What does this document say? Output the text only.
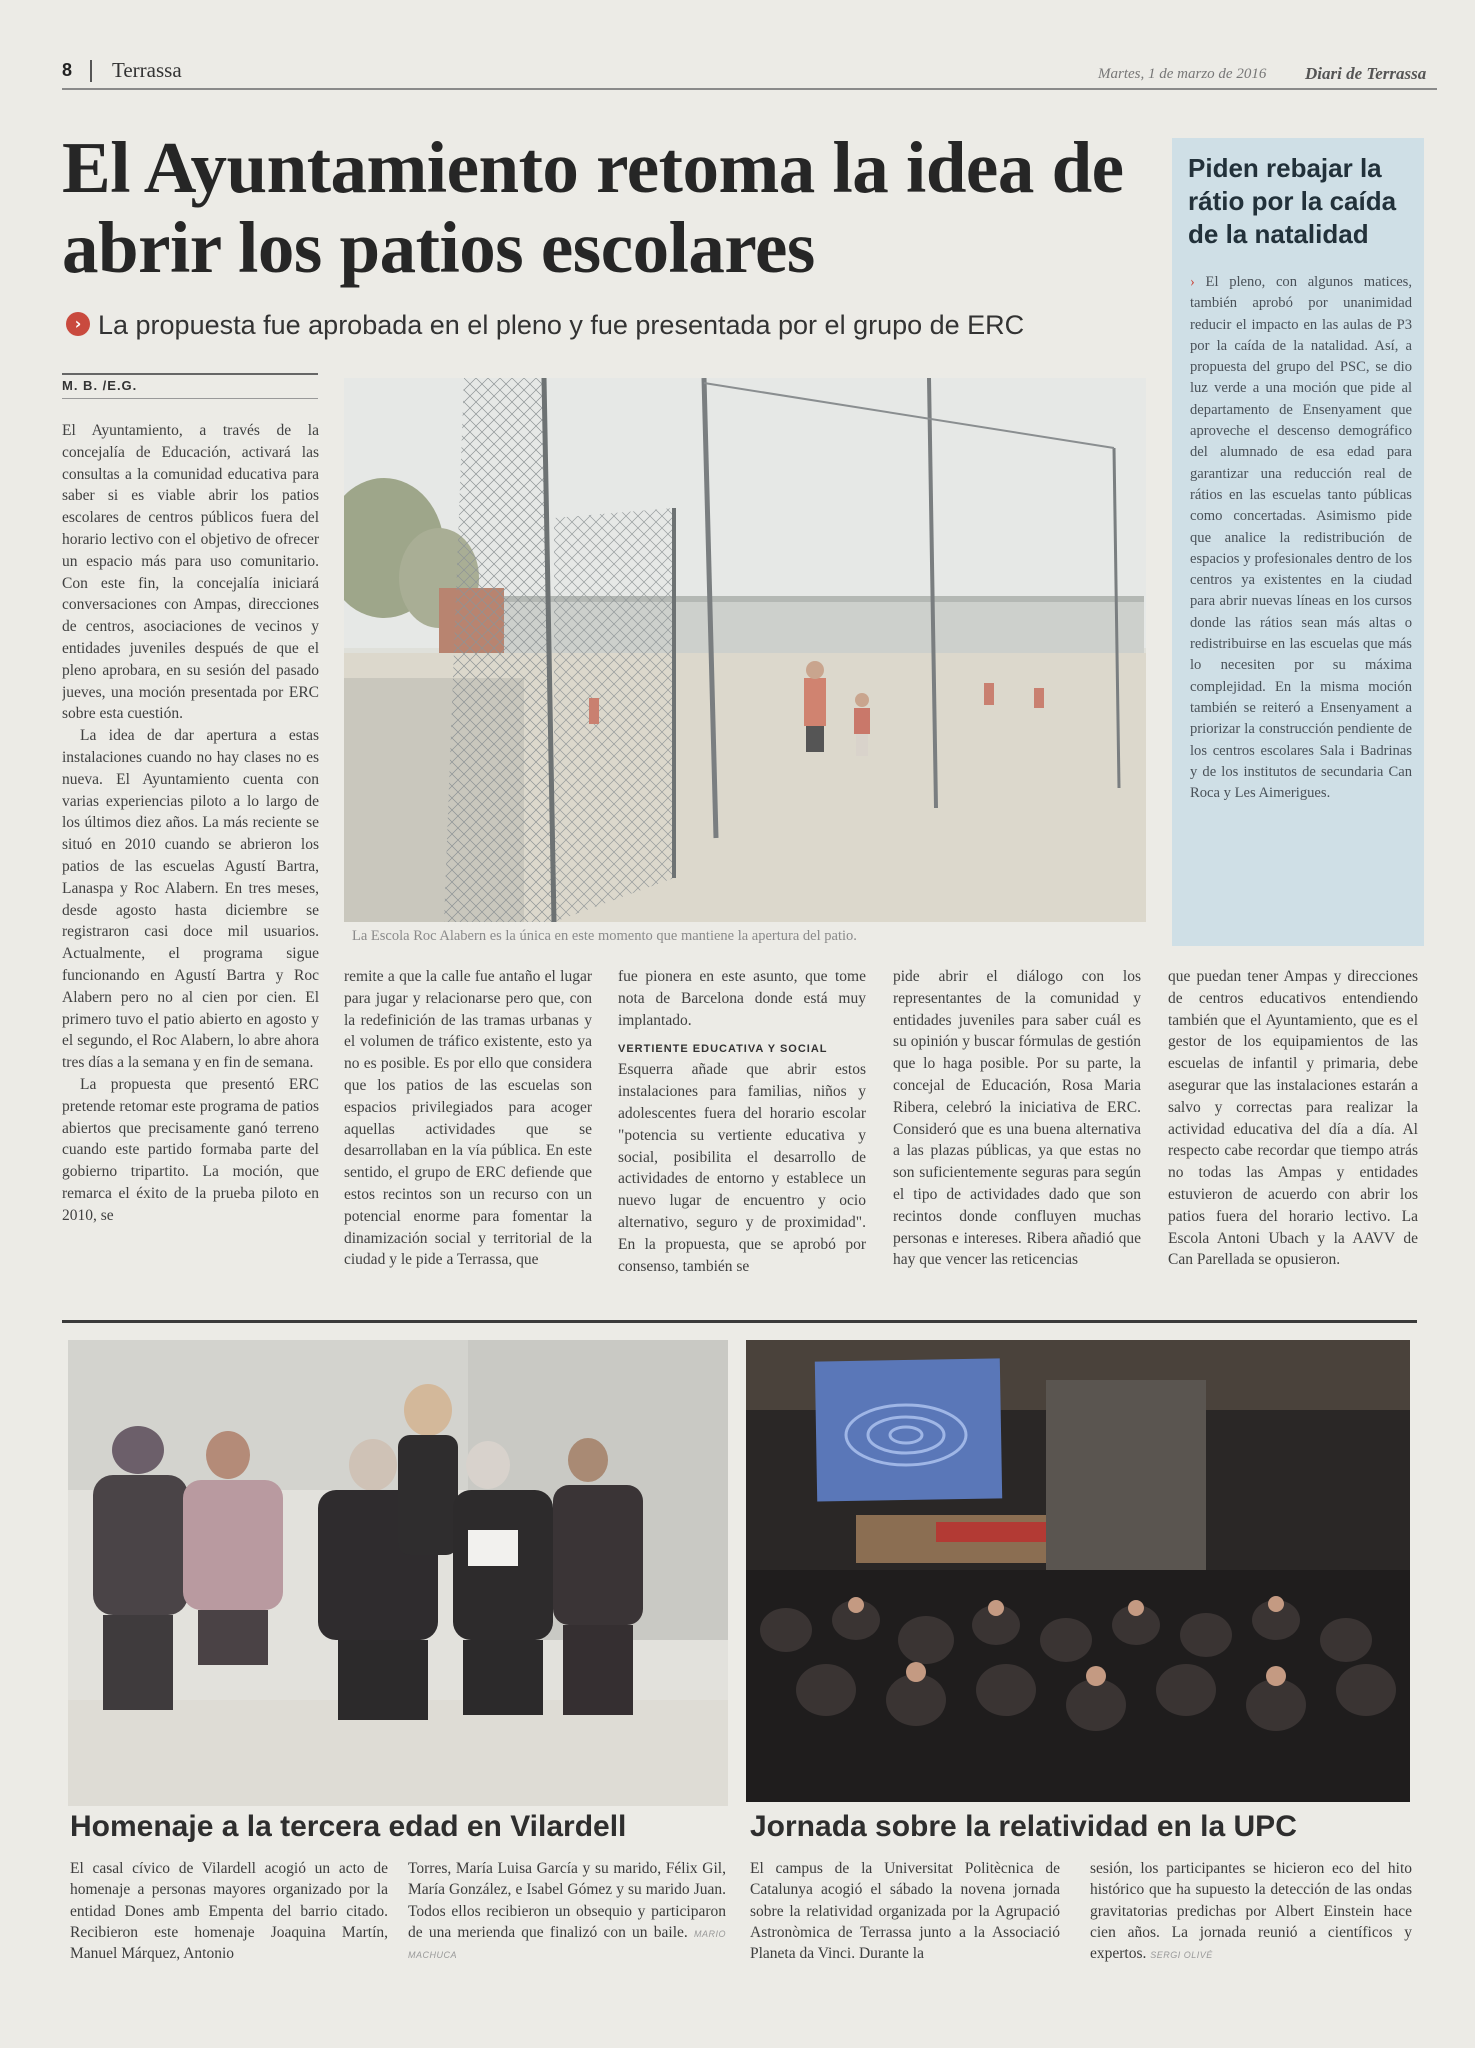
8 Terrassa	Martes, 1 de marzo de 2016 Diari de Terrassa
El Ayuntamiento retoma la idea de abrir los patios escolares
› La propuesta fue aprobada en el pleno y fue presentada por el grupo de ERC
Piden rebajar la rátio por la caída de la natalidad
› El pleno, con algunos matices, también aprobó por unanimidad reducir el impacto en las aulas de P3 por la caída de la natalidad. Así, a propuesta del grupo del PSC, se dio luz verde a una moción que pide al departamento de Ensenyament que aproveche el descenso demográfico del alumnado de esa edad para garantizar una reducción real de rátios en las escuelas tanto públicas como concertadas. Asimismo pide que analice la redistribución de espacios y profesionales dentro de los centros ya existentes en la ciudad para abrir nuevas líneas en los cursos donde las rátios sean más altas o redistribuirse en las escuelas que más lo necesiten por su máxima complejidad. En la misma moción también se reiteró a Ensenyament a priorizar la construcción pendiente de los centros escolares Sala i Badrinas y de los institutos de secundaria Can Roca y Les Aimerigues.
M. B. /E.G.

El Ayuntamiento, a través de la concejalía de Educación, activará las consultas a la comunidad educativa para saber si es viable abrir los patios escolares de centros públicos fuera del horario lectivo con el objetivo de ofrecer un espacio más para uso comunitario. Con este fin, la concejalía iniciará conversaciones con Ampas, direcciones de centros, asociaciones de vecinos y entidades juveniles después de que el pleno aprobara, en su sesión del pasado jueves, una moción presentada por ERC sobre esta cuestión.

La idea de dar apertura a estas instalaciones cuando no hay clases no es nueva. El Ayuntamiento cuenta con varias experiencias piloto a lo largo de los últimos diez años. La más reciente se situó en 2010 cuando se abrieron los patios de las escuelas Agustí Bartra, Lanaspa y Roc Alabern. En tres meses, desde agosto hasta diciembre se registraron casi doce mil usuarios. Actualmente, el programa sigue funcionando en Agustí Bartra y Roc Alabern pero no al cien por cien. El primero tuvo el patio abierto en agosto y el segundo, el Roc Alabern, lo abre ahora tres días a la semana y en fin de semana.

La propuesta que presentó ERC pretende retomar este programa de patios abiertos que precisamente ganó terreno cuando este partido formaba parte del gobierno tripartito. La moción, que remarca el éxito de la prueba piloto en 2010, se

La Escola Roc Alabern es la única en este momento que mantiene la apertura del patio.

remite a que la calle fue antaño el lugar para jugar y relacionarse pero que, con la redefinición de las tramas urbanas y el volumen de tráfico existente, esto ya no es posible. Es por ello que considera que los patios de las escuelas son espacios privilegiados para acoger aquellas actividades que se desarrollaban en la vía pública. En este sentido, el grupo de ERC defiende que estos recintos son un recurso con un potencial enorme para fomentar la dinamización social y territorial de la ciudad y le pide a Terrassa, que

fue pionera en este asunto, que tome nota de Barcelona donde está muy implantado.

VERTIENTE EDUCATIVA Y SOCIAL

Esquerra añade que abrir estos instalaciones para familias, niños y adolescentes fuera del horario escolar "potencia su vertiente educativa y social, posibilita el desarrollo de actividades de entorno y establece un nuevo lugar de encuentro y ocio alternativo, seguro y de proximidad". En la propuesta, que se aprobó por consenso, también se

pide abrir el diálogo con los representantes de la comunidad y entidades juveniles para saber cuál es su opinión y buscar fórmulas de gestión que lo haga posible. Por su parte, la concejal de Educación, Rosa Maria Ribera, celebró la iniciativa de ERC. Consideró que es una buena alternativa a las plazas públicas, ya que estas no son suficientemente seguras para según el tipo de actividades dado que son recintos donde confluyen muchas personas e intereses. Ribera añadió que hay que vencer las reticencias

que puedan tener Ampas y direcciones de centros educativos entendiendo también que el Ayuntamiento, que es el gestor de los equipamientos de las escuelas de infantil y primaria, debe asegurar que las instalaciones estarán a salvo y correctas para realizar la actividad educativa del día a día. Al respecto cabe recordar que tiempo atrás no todas las Ampas y entidades estuvieron de acuerdo con abrir los patios fuera del horario lectivo. La Escola Antoni Ubach y la AAVV de Can Parellada se opusieron.

Homenaje a la tercera edad en Vilardell

El casal cívico de Vilardell acogió un acto de homenaje a personas mayores organizado por la entidad Dones amb Empenta del barrio citado. Recibieron este homenaje Joaquina Martín, Manuel Márquez, Antonio

Torres, María Luisa García y su marido, Félix Gil, María González, e Isabel Gómez y su marido Juan. Todos ellos recibieron un obsequio y participaron de una merienda que finalizó con un baile. MARIO MACHUCA

Jornada sobre la relatividad en la UPC

El campus de la Universitat Politècnica de Catalunya acogió el sábado la novena jornada sobre la relatividad organizada por la Agrupació Astronòmica de Terrassa junto a la Associació Planeta da Vinci. Durante la

sesión, los participantes se hicieron eco del hito histórico que ha supuesto la detección de las ondas gravitatorias predichas por Albert Einstein hace cien años. La jornada reunió a científicos y expertos. SERGI OLIVÉ
